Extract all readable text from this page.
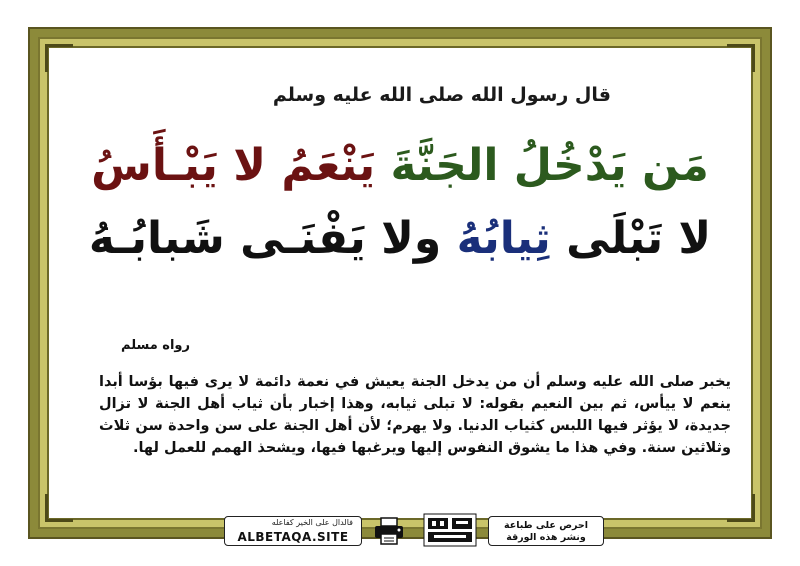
قال رسول الله صلى الله عليه وسلم
مَن يَدْخُلُ الجَنَّةَ يَنْعَمُ لا يَبْـأَسُ
لا تَبْلَى ثِيابُهُ ولا يَفْنَـى شَبابُـهُ
رواه مسلم
يخبر صلى الله عليه وسلم أن من يدخل الجنة يعيش في نعمة دائمة لا يرى فيها بؤسا أبدا ينعم لا ييأس، ثم بين النعيم بقوله: لا تبلى ثيابه، وهذا إخبار بأن ثياب أهل الجنة لا تزال جديدة، لا يؤثر فيها اللبس كثياب الدنيا. ولا يهرم؛ لأن أهل الجنة على سن واحدة سن ثلاث وثلاثين سنة. وفي هذا ما يشوق النفوس إليها ويرغبها فيها، ويشحذ الهمم للعمل لها.
فالدال على الخير كفاعله
ALBETAQA.SITE
احرص على طباعة
ونشر هذه الورقة
